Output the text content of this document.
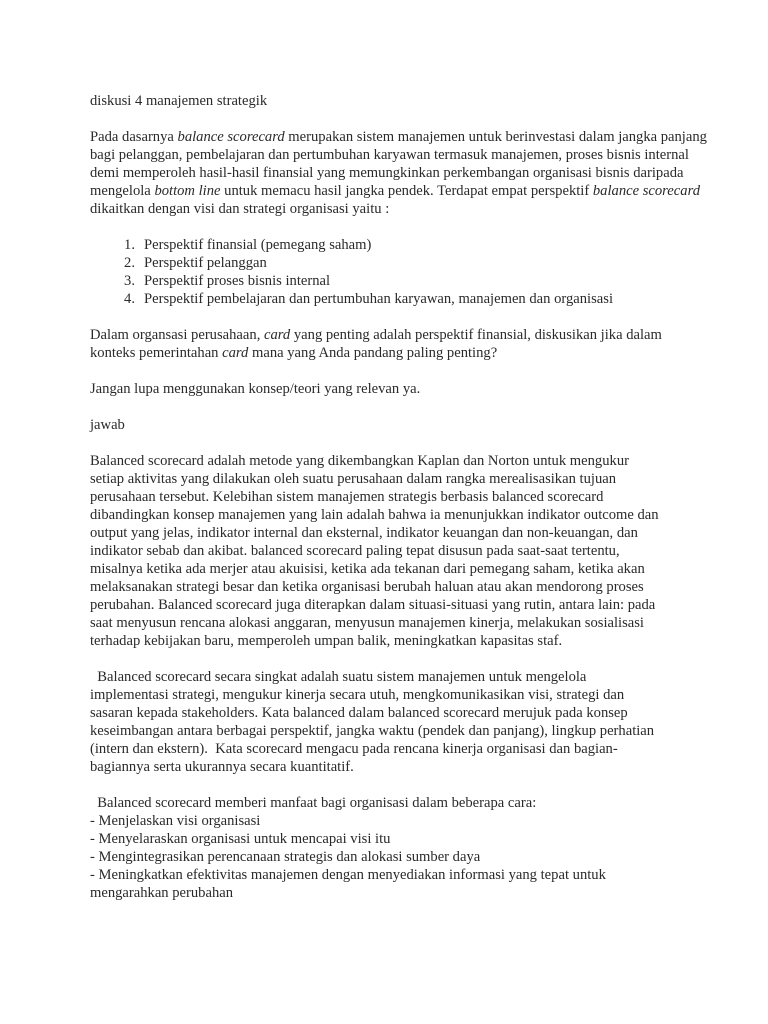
diskusi 4 manajemen strategik

Pada dasarnya balance scorecard merupakan sistem manajemen untuk berinvestasi dalam jangka panjang bagi pelanggan, pembelajaran dan pertumbuhan karyawan termasuk manajemen, proses bisnis internal demi memperoleh hasil-hasil finansial yang memungkinkan perkembangan organisasi bisnis daripada mengelola bottom line untuk memacu hasil jangka pendek. Terdapat empat perspektif balance scorecard dikaitkan dengan visi dan strategi organisasi yaitu :

1. Perspektif finansial (pemegang saham)
2. Perspektif pelanggan
3. Perspektif proses bisnis internal
4. Perspektif pembelajaran dan pertumbuhan karyawan, manajemen dan organisasi

Dalam organsasi perusahaan, card yang penting adalah perspektif finansial, diskusikan jika dalam konteks pemerintahan card mana yang Anda pandang paling penting?

Jangan lupa menggunakan konsep/teori yang relevan ya.

jawab

Balanced scorecard adalah metode yang dikembangkan Kaplan dan Norton untuk mengukur
setiap aktivitas yang dilakukan oleh suatu perusahaan dalam rangka merealisasikan tujuan
perusahaan tersebut. Kelebihan sistem manajemen strategis berbasis balanced scorecard
dibandingkan konsep manajemen yang lain adalah bahwa ia menunjukkan indikator outcome dan
output yang jelas, indikator internal dan eksternal, indikator keuangan dan non-keuangan, dan
indikator sebab dan akibat. balanced scorecard paling tepat disusun pada saat-saat tertentu,
misalnya ketika ada merjer atau akuisisi, ketika ada tekanan dari pemegang saham, ketika akan
melaksanakan strategi besar dan ketika organisasi berubah haluan atau akan mendorong proses
perubahan. Balanced scorecard juga diterapkan dalam situasi-situasi yang rutin, antara lain: pada
saat menyusun rencana alokasi anggaran, menyusun manajemen kinerja, melakukan sosialisasi
terhadap kebijakan baru, memperoleh umpan balik, meningkatkan kapasitas staf.
Balanced scorecard secara singkat adalah suatu sistem manajemen untuk mengelola
implementasi strategi, mengukur kinerja secara utuh, mengkomunikasikan visi, strategi dan
sasaran kepada stakeholders. Kata balanced dalam balanced scorecard merujuk pada konsep
keseimbangan antara berbagai perspektif, jangka waktu (pendek dan panjang), lingkup perhatian
(intern dan ekstern).  Kata scorecard mengacu pada rencana kinerja organisasi dan bagian-
bagiannya serta ukurannya secara kuantitatif.
Balanced scorecard memberi manfaat bagi organisasi dalam beberapa cara:
- Menjelaskan visi organisasi
- Menyelaraskan organisasi untuk mencapai visi itu
- Mengintegrasikan perencanaan strategis dan alokasi sumber daya
- Meningkatkan efektivitas manajemen dengan menyediakan informasi yang tepat untuk
mengarahkan perubahan
